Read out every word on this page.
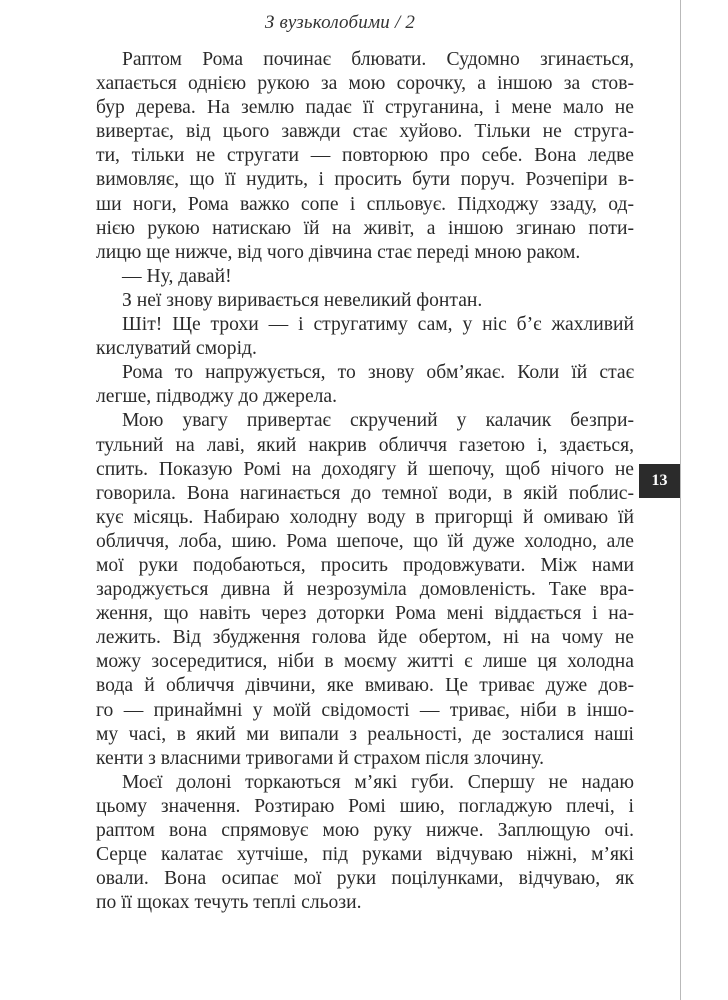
З вузьколобими / 2
Раптом Рома починає блювати. Судомно згинається,
хапається однією рукою за мою сорочку, а іншою за стов-
бур дерева. На землю падає її струганина, і мене мало не
вивертає, від цього завжди стає хуйово. Тільки не струга-
ти, тільки не стругати — повторюю про себе. Вона ледве
вимовляє, що її нудить, і просить бути поруч. Розчепіри в-
ши ноги, Рома важко сопе і спльовує. Підходжу ззаду, од-
нією рукою натискаю їй на живіт, а іншою згинаю поти-
лицю ще нижче, від чого дівчина стає переді мною раком.
— Ну, давай!
З неї знову виривається невеликий фонтан.
Шіт! Ще трохи — і стругатиму сам, у ніс б’є жахливий
кислуватий сморід.
Рома то напружується, то знову обм’якає. Коли їй стає
легше, підводжу до джерела.
Мою увагу привертає скручений у калачик безпри-
тульний на лаві, який накрив обличчя газетою і, здається,
спить. Показую Ромі на доходягу й шепочу, щоб нічого не
говорила. Вона нагинається до темної води, в якій поблис-
кує місяць. Набираю холодну воду в пригорщі й омиваю їй
обличчя, лоба, шию. Рома шепоче, що їй дуже холодно, але
мої руки подобаються, просить продовжувати. Між нами
зароджується дивна й незрозуміла домовленість. Таке вра-
ження, що навіть через доторки Рома мені віддається і на-
лежить. Від збудження голова йде обертом, ні на чому не
можу зосередитися, ніби в моєму житті є лише ця холодна
вода й обличчя дівчини, яке вмиваю. Це триває дуже дов-
го — принаймні у моїй свідомості — триває, ніби в іншо-
му часі, в який ми випали з реальності, де зосталися наші
кенти з власними тривогами й страхом після злочину.
Моєї долоні торкаються м’які губи. Спершу не надаю
цьому значення. Розтираю Ромі шию, погладжую плечі, і
раптом вона спрямовує мою руку нижче. Заплющую очі.
Серце калатає хутчіше, під руками відчуваю ніжні, м’які
овали. Вона осипає мої руки поцілунками, відчуваю, як
по її щоках течуть теплі сльози.
13
